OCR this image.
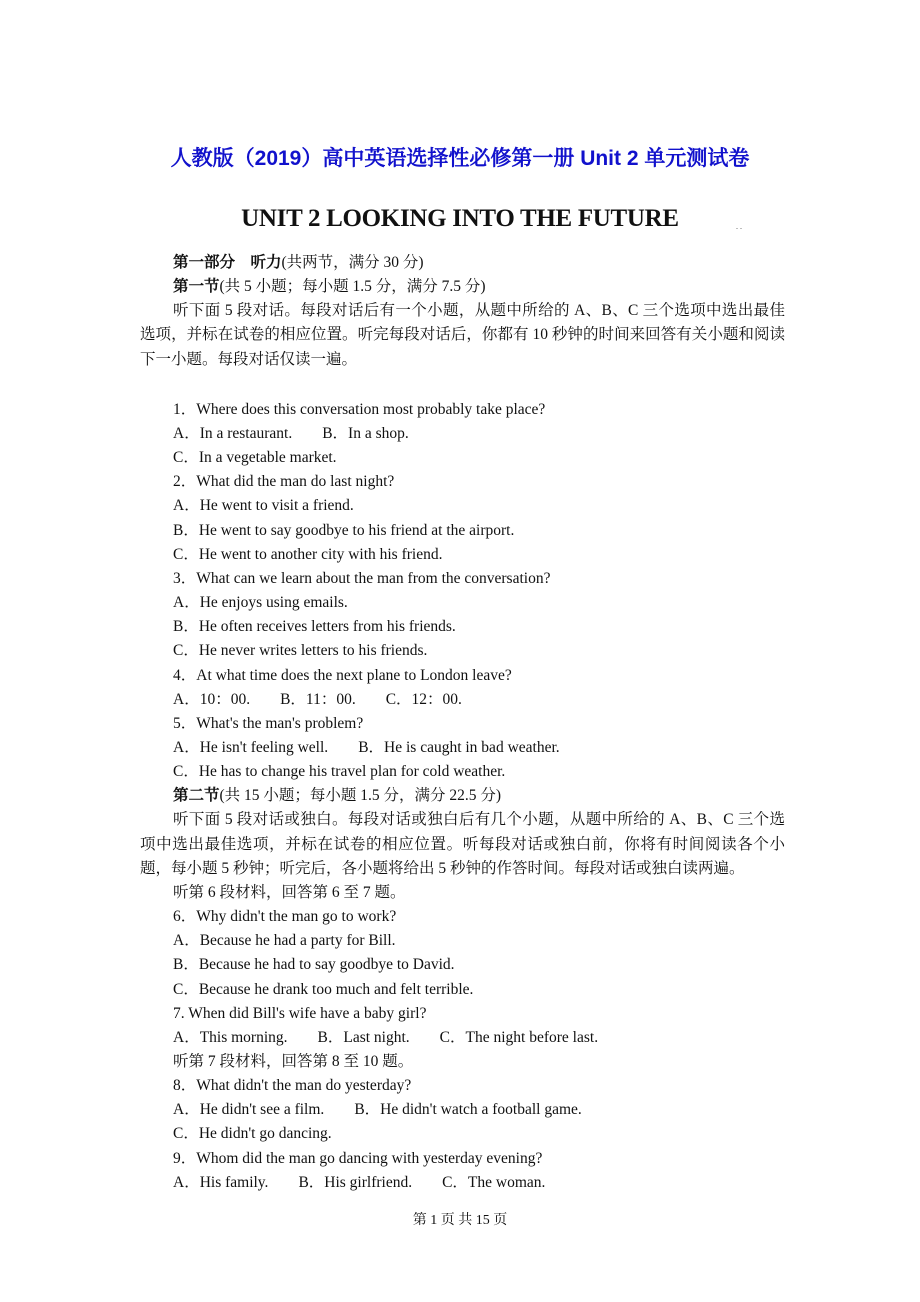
人教版（2019）高中英语选择性必修第一册 Unit 2 单元测试卷
UNIT 2 LOOKING INTO THE FUTURE	. .
第一部分　听力(共两节，满分 30 分)
第一节(共 5 小题；每小题 1.5 分，满分 7.5 分)
听下面 5 段对话。每段对话后有一个小题，从题中所给的 A、B、C 三个选项中选出最佳选项，并标在试卷的相应位置。听完每段对话后，你都有 10 秒钟的时间来回答有关小题和阅读下一小题。每段对话仅读一遍。
1．Where does this conversation most probably take place?
A．In a restaurant. B．In a shop.
C．In a vegetable market.
2．What did the man do last night?
A．He went to visit a friend.
B．He went to say goodbye to his friend at the airport.
C．He went to another city with his friend.
3．What can we learn about the man from the conversation?
A．He enjoys using emails.
B．He often receives letters from his friends.
C．He never writes letters to his friends.
4．At what time does the next plane to London leave?
A．10：00. B．11：00. C．12：00.
5．What's the man's problem?
A．He isn't feeling well. B．He is caught in bad weather.
C．He has to change his travel plan for cold weather.
第二节(共 15 小题；每小题 1.5 分，满分 22.5 分)
听下面 5 段对话或独白。每段对话或独白后有几个小题，从题中所给的 A、B、C 三个选项中选出最佳选项，并标在试卷的相应位置。听每段对话或独白前，你将有时间阅读各个小题，每小题 5 秒钟；听完后，各小题将给出 5 秒钟的作答时间。每段对话或独白读两遍。
听第 6 段材料，回答第 6 至 7 题。
6．Why didn't the man go to work?
A．Because he had a party for Bill.
B．Because he had to say goodbye to David.
C．Because he drank too much and felt terrible.
7. When did Bill's wife have a baby girl?
A．This morning. B．Last night. C．The night before last.
听第 7 段材料，回答第 8 至 10 题。
8．What didn't the man do yesterday?
A．He didn't see a film. B．He didn't watch a football game.
C．He didn't go dancing.
9．Whom did the man go dancing with yesterday evening?
A．His family. B．His girlfriend. C．The woman.
第 1 页 共 15 页
